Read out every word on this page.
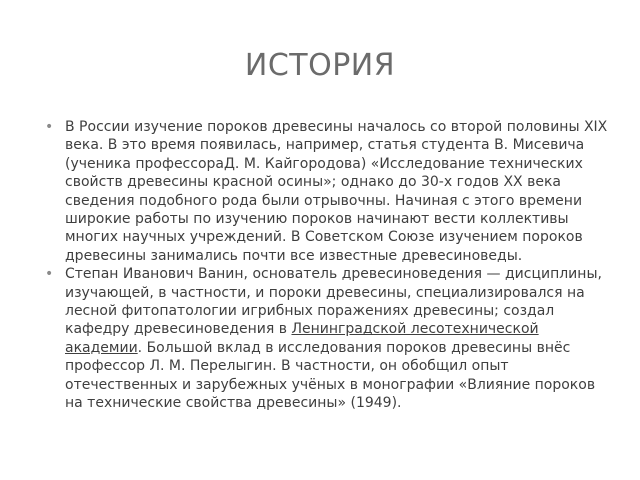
ИСТОРИЯ
• В России изучение пороков древесины началось со второй половины XIX века. В это время появилась, например, статья студента В. Мисевича (ученика профессораД. М. Кайгородова) «Исследование технических свойств древесины красной осины»; однако до 30-х годов XX века сведения подобного рода были отрывочны. Начиная с этого времени широкие работы по изучению пороков начинают вести коллективы многих научных учреждений. В Советском Союзе изучением пороков древесины занимались почти все известные древесиноведы.
• Степан Иванович Ванин, основатель древесиноведения — дисциплины, изучающей, в частности, и пороки древесины, специализировался на лесной фитопатологии игрибных поражениях древесины; создал кафедру древесиноведения в Ленинградской лесотехнической академии. Большой вклад в исследования пороков древесины внёс профессор Л. М. Перелыгин. В частности, он обобщил опыт отечественных и зарубежных учёных в монографии «Влияние пороков на технические свойства древесины» (1949).
